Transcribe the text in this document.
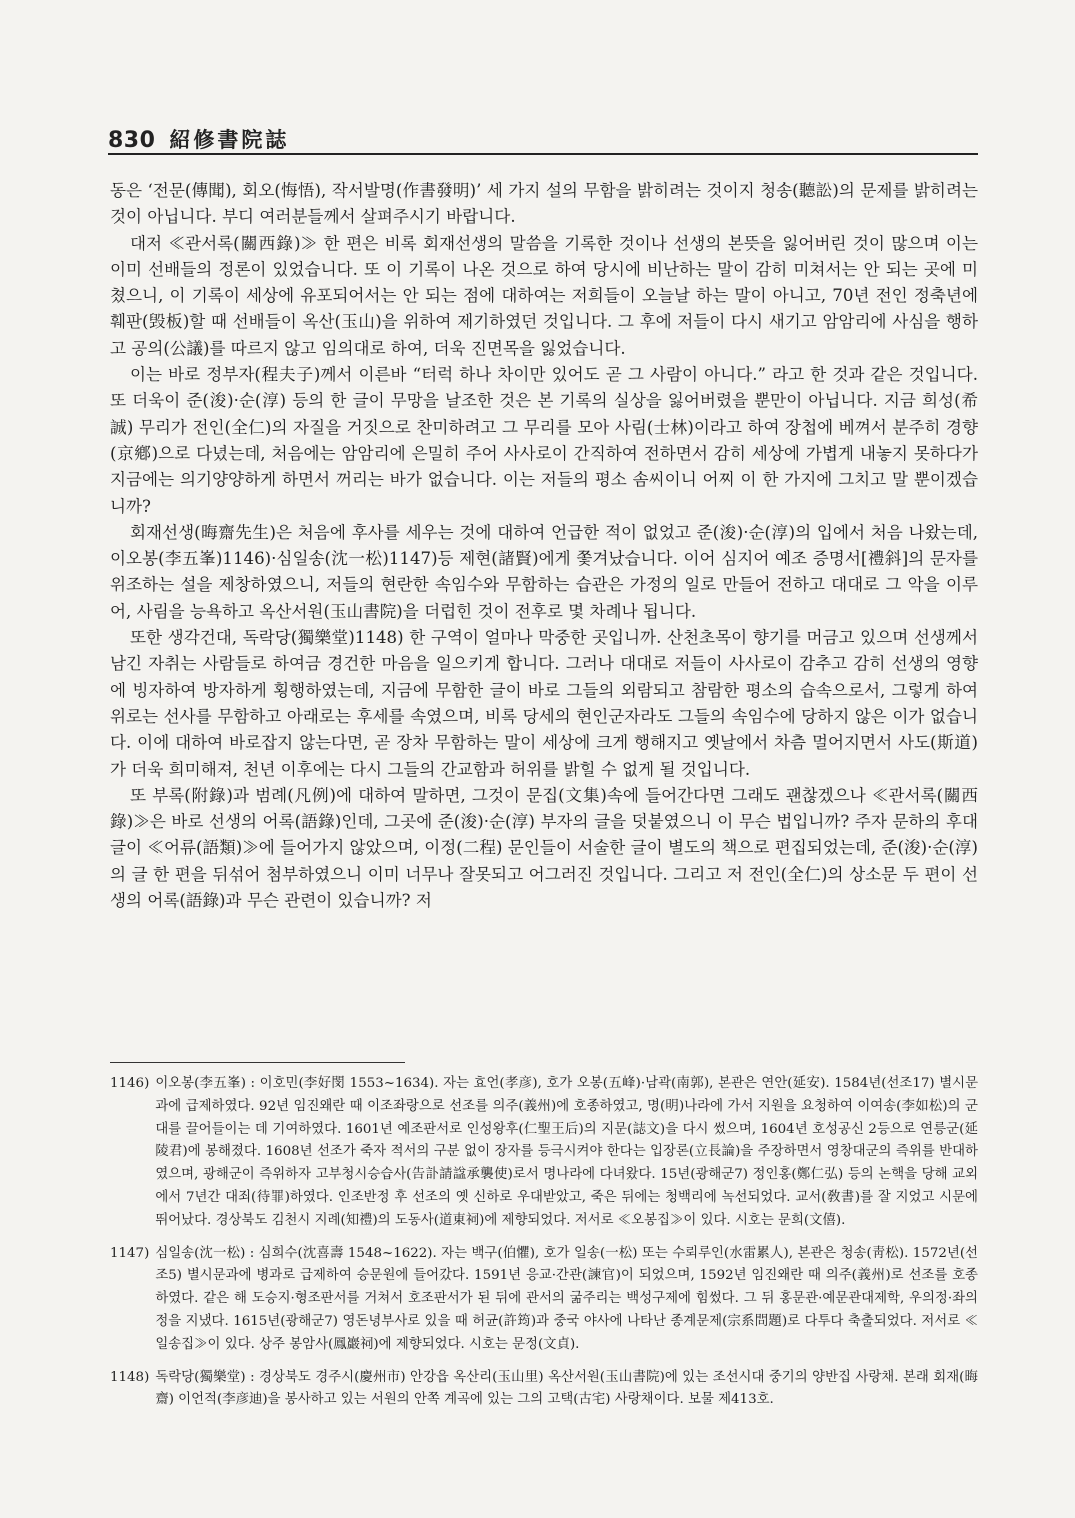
830 紹修書院誌

동은 ‘전문(傳聞), 회오(悔悟), 작서발명(作書發明)’ 세 가지 설의 무함을 밝히려는 것이지 청송(聽訟)의 문제를 밝히려는 것이 아닙니다. 부디 여러분들께서 살펴주시기 바랍니다.

대저 ≪관서록(關西錄)≫ 한 편은 비록 회재선생의 말씀을 기록한 것이나 선생의 본뜻을 잃어버린 것이 많으며 이는 이미 선배들의 정론이 있었습니다. 또 이 기록이 나온 것으로 하여 당시에 비난하는 말이 감히 미쳐서는 안 되는 곳에 미쳤으니, 이 기록이 세상에 유포되어서는 안 되는 점에 대하여는 저희들이 오늘날 하는 말이 아니고, 70년 전인 정축년에 훼판(毁板)할 때 선배들이 옥산(玉山)을 위하여 제기하였던 것입니다. 그 후에 저들이 다시 새기고 암암리에 사심을 행하고 공의(公議)를 따르지 않고 임의대로 하여, 더욱 진면목을 잃었습니다.

이는 바로 정부자(程夫子)께서 이른바 “터럭 하나 차이만 있어도 곧 그 사람이 아니다.” 라고 한 것과 같은 것입니다. 또 더욱이 준(浚)·순(淳) 등의 한 글이 무망을 날조한 것은 본 기록의 실상을 잃어버렸을 뿐만이 아닙니다. 지금 희성(希誠) 무리가 전인(全仁)의 자질을 거짓으로 찬미하려고 그 무리를 모아 사림(士林)이라고 하여 장첩에 베껴서 분주히 경향(京鄕)으로 다녔는데, 처음에는 암암리에 은밀히 주어 사사로이 간직하여 전하면서 감히 세상에 가볍게 내놓지 못하다가 지금에는 의기양양하게 하면서 꺼리는 바가 없습니다. 이는 저들의 평소 솜씨이니 어찌 이 한 가지에 그치고 말 뿐이겠습니까?

회재선생(晦齋先生)은 처음에 후사를 세우는 것에 대하여 언급한 적이 없었고 준(浚)·순(淳)의 입에서 처음 나왔는데, 이오봉(李五峯)1146)·심일송(沈一松)1147)등 제현(諸賢)에게 쫓겨났습니다. 이어 심지어 예조 증명서[禮斜]의 문자를 위조하는 설을 제창하였으니, 저들의 현란한 속임수와 무함하는 습관은 가정의 일로 만들어 전하고 대대로 그 악을 이루어, 사림을 능욕하고 옥산서원(玉山書院)을 더럽힌 것이 전후로 몇 차례나 됩니다.

또한 생각건대, 독락당(獨樂堂)1148) 한 구역이 얼마나 막중한 곳입니까. 산천초목이 향기를 머금고 있으며 선생께서 남긴 자취는 사람들로 하여금 경건한 마음을 일으키게 합니다. 그러나 대대로 저들이 사사로이 감추고 감히 선생의 영향에 빙자하여 방자하게 횡행하였는데, 지금에 무함한 글이 바로 그들의 외람되고 참람한 평소의 습속으로서, 그렇게 하여 위로는 선사를 무함하고 아래로는 후세를 속였으며, 비록 당세의 현인군자라도 그들의 속임수에 당하지 않은 이가 없습니다. 이에 대하여 바로잡지 않는다면, 곧 장차 무함하는 말이 세상에 크게 행해지고 옛날에서 차츰 멀어지면서 사도(斯道)가 더욱 희미해져, 천년 이후에는 다시 그들의 간교함과 허위를 밝힐 수 없게 될 것입니다.

또 부록(附錄)과 범례(凡例)에 대하여 말하면, 그것이 문집(文集)속에 들어간다면 그래도 괜찮겠으나 ≪관서록(關西錄)≫은 바로 선생의 어록(語錄)인데, 그곳에 준(浚)·순(淳) 부자의 글을 덧붙였으니 이 무슨 법입니까? 주자 문하의 후대 글이 ≪어류(語類)≫에 들어가지 않았으며, 이정(二程) 문인들이 서술한 글이 별도의 책으로 편집되었는데, 준(浚)·순(淳)의 글 한 편을 뒤섞어 첨부하였으니 이미 너무나 잘못되고 어그러진 것입니다. 그리고 저 전인(全仁)의 상소문 두 편이 선생의 어록(語錄)과 무슨 관련이 있습니까? 저

1146) 이오봉(李五峯) : 이호민(李好閔 1553~1634). 자는 효언(孝彦), 호가 오봉(五峰)·남곽(南郭), 본관은 연안(延安). 1584년(선조17) 별시문과에 급제하였다. 92년 임진왜란 때 이조좌랑으로 선조를 의주(義州)에 호종하였고, 명(明)나라에 가서 지원을 요청하여 이여송(李如松)의 군대를 끌어들이는 데 기여하였다. 1601년 예조판서로 인성왕후(仁聖王后)의 지문(誌文)을 다시 썼으며, 1604년 호성공신 2등으로 연릉군(延陵君)에 봉해졌다. 1608년 선조가 죽자 적서의 구분 없이 장자를 등극시켜야 한다는 입장론(立長論)을 주장하면서 영창대군의 즉위를 반대하였으며, 광해군이 즉위하자 고부청시승습사(告訃請諡承襲使)로서 명나라에 다녀왔다. 15년(광해군7) 정인홍(鄭仁弘) 등의 논핵을 당해 교외에서 7년간 대죄(待罪)하였다. 인조반정 후 선조의 옛 신하로 우대받았고, 죽은 뒤에는 청백리에 녹선되었다. 교서(敎書)를 잘 지었고 시문에 뛰어났다. 경상북도 김천시 지례(知禮)의 도동사(道東祠)에 제향되었다. 저서로 ≪오봉집≫이 있다. 시호는 문희(文僖).
1147) 심일송(沈一松) : 심희수(沈喜壽 1548~1622). 자는 백구(伯懼), 호가 일송(一松) 또는 수뢰루인(水雷累人), 본관은 청송(靑松). 1572년(선조5) 별시문과에 병과로 급제하여 승문원에 들어갔다. 1591년 응교·간관(諫官)이 되었으며, 1592년 임진왜란 때 의주(義州)로 선조를 호종하였다. 같은 해 도승지·형조판서를 거쳐서 호조판서가 된 뒤에 관서의 굶주리는 백성구제에 힘썼다. 그 뒤 홍문관·예문관대제학, 우의정·좌의정을 지냈다. 1615년(광해군7) 영돈녕부사로 있을 때 허균(許筠)과 중국 야사에 나타난 종계문제(宗系問題)로 다투다 축출되었다. 저서로 ≪일송집≫이 있다. 상주 봉암사(鳳巖祠)에 제향되었다. 시호는 문정(文貞).
1148) 독락당(獨樂堂) : 경상북도 경주시(慶州市) 안강읍 옥산리(玉山里) 옥산서원(玉山書院)에 있는 조선시대 중기의 양반집 사랑채. 본래 회재(晦齋) 이언적(李彦迪)을 봉사하고 있는 서원의 안쪽 계곡에 있는 그의 고택(古宅) 사랑채이다. 보물 제413호.
